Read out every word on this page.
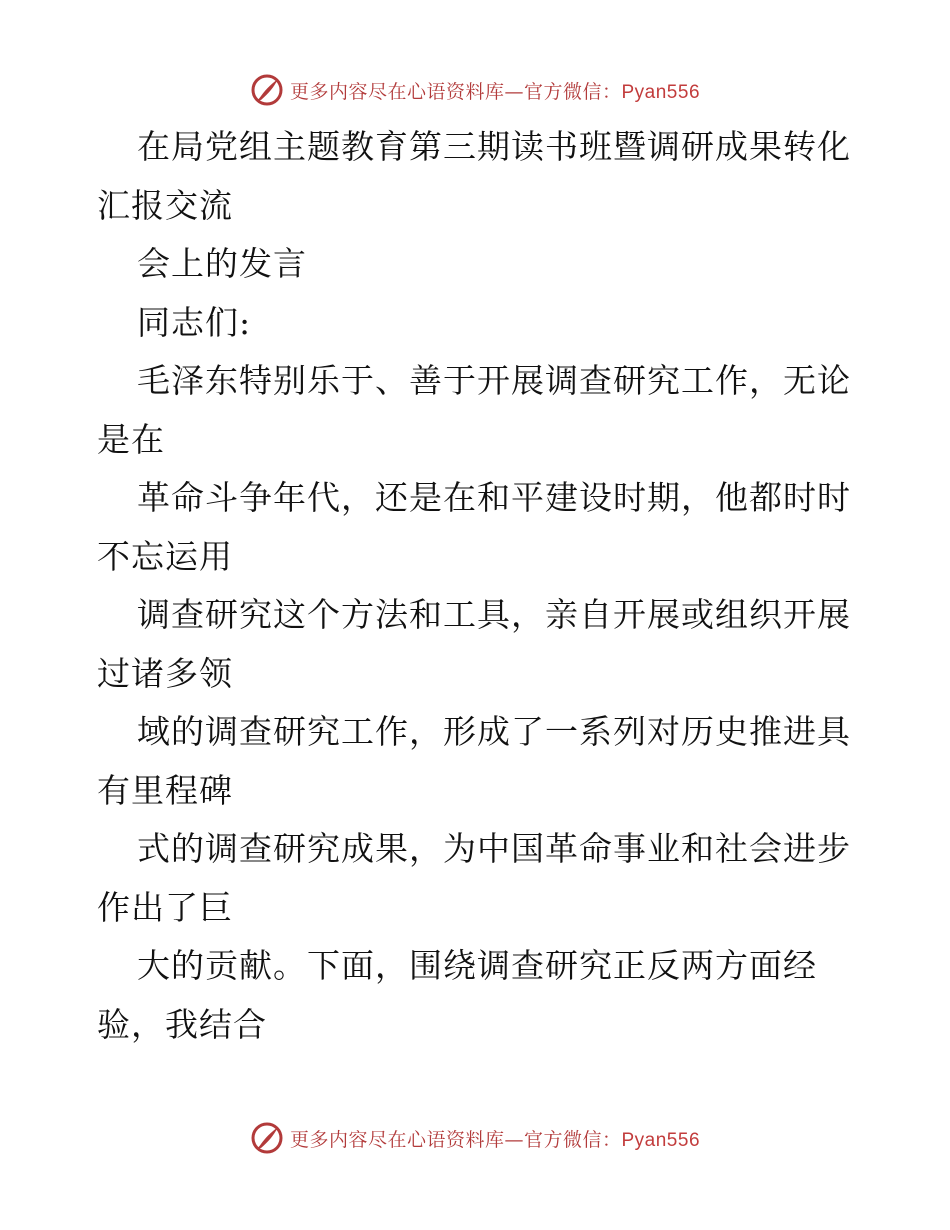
更多内容尽在心语资料库—官方微信：Pyan556
在局党组主题教育第三期读书班暨调研成果转化
汇报交流
会上的发言
同志们:
毛泽东特别乐于、善于开展调查研究工作，无论
是在
革命斗争年代，还是在和平建设时期，他都时时
不忘运用
调查研究这个方法和工具，亲自开展或组织开展
过诸多领
域的调查研究工作，形成了一系列对历史推进具
有里程碑
式的调查研究成果，为中国革命事业和社会进步
作出了巨
大的贡献。下面，围绕调查研究正反两方面经
验，我结合
更多内容尽在心语资料库—官方微信：Pyan556
